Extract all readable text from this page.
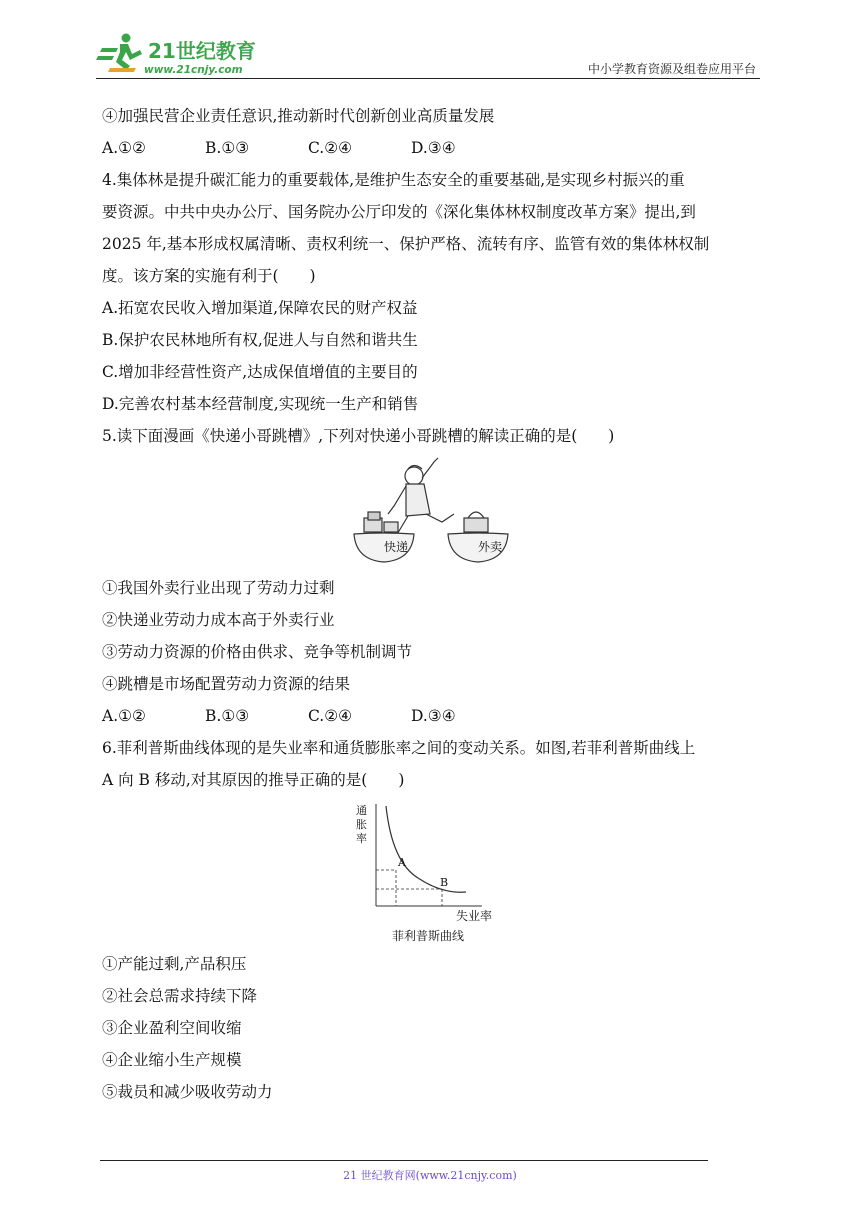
21世纪教育
www.21cnjy.com	中小学教育资源及组卷应用平台
④加强民营企业责任意识,推动新时代创新创业高质量发展
A.①②	B.①③	C.②④	D.③④
4.集体林是提升碳汇能力的重要载体,是维护生态安全的重要基础,是实现乡村振兴的重
要资源。中共中央办公厅、国务院办公厅印发的《深化集体林权制度改革方案》提出,到
2025 年,基本形成权属清晰、责权利统一、保护严格、流转有序、监管有效的集体林权制
度。该方案的实施有利于(　　)
A.拓宽农民收入增加渠道,保障农民的财产权益
B.保护农民林地所有权,促进人与自然和谐共生
C.增加非经营性资产,达成保值增值的主要目的
D.完善农村基本经营制度,实现统一生产和销售
5.读下面漫画《快递小哥跳槽》,下列对快递小哥跳槽的解读正确的是(　　)
快递	外卖
①我国外卖行业出现了劳动力过剩
②快递业劳动力成本高于外卖行业
③劳动力资源的价格由供求、竞争等机制调节
④跳槽是市场配置劳动力资源的结果
A.①②	B.①③	C.②④	D.③④
6.菲利普斯曲线体现的是失业率和通货膨胀率之间的变动关系。如图,若菲利普斯曲线上
A 向 B 移动,对其原因的推导正确的是(　　)
通 胀 率
A
B
失业率
菲利普斯曲线
①产能过剩,产品积压
②社会总需求持续下降
③企业盈利空间收缩
④企业缩小生产规模
⑤裁员和减少吸收劳动力
21 世纪教育网(www.21cnjy.com)
